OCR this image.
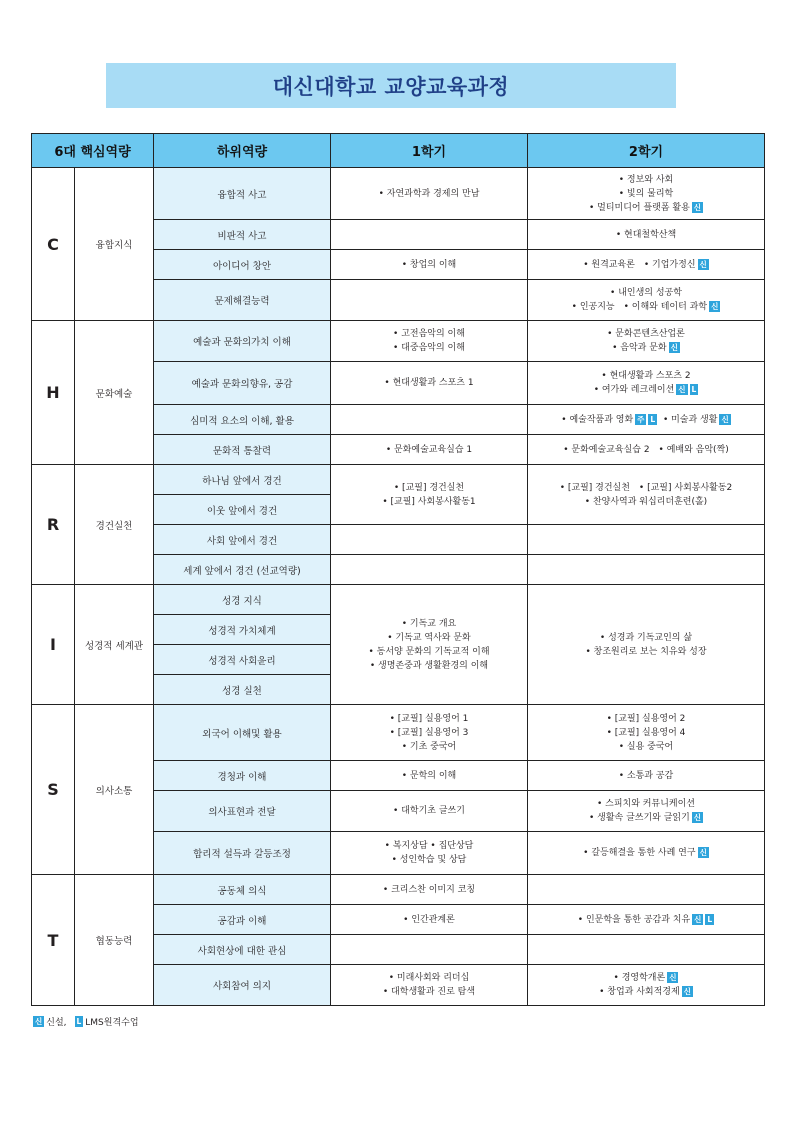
대신대학교 교양교육과정
6대 핵심역량		하위역량	1학기	2학기
C	융합지식	융합적 사고	• 자연과학과 경제의 만남	• 정보와 사회
• 빛의 물리학
• 멀티미디어 플랫폼 활용 신

		비판적 사고		• 현대철학산책

		아이디어 창안	• 창업의 이해	• 원격교육론　• 기업가정신 신

		문제해결능력		• 내인생의 성공학
• 인공지능　• 이해와 테이터 과학 신

H	문화예술	예술과 문화의가치 이해	• 고전음악의 이해
• 대중음악의 이해	• 문화콘텐츠산업론
• 음악과 문화 신

		예술과 문화의향유, 공감	• 현대생활과 스포츠 1	• 현대생활과 스포츠 2
• 여가와 레크레이션 신 L

		심미적 요소의 이해, 활용		• 예술작품과 영화 주 L • 미술과 생활 신

		문화적 통찰력	• 문화예술교육실습 1	• 문화예술교육실습 2　• 예배와 음악(짝)

R	경건실천	하나님 앞에서 경건	• [교필] 경건실천
• [교필] 사회봉사활동1	• [교필] 경건실천　• [교필] 사회봉사활동2
• 찬양사역과 워십리더훈련(홀)

		이웃 앞에서 경건		
		사회 앞에서 경건		
		세계 앞에서 경건 (선교역량)		
I	성경적 세계관	성경 지식	• 기독교 개요
• 기독교 역사와 문화
• 동서양 문화의 기독교적 이해
• 생명존중과 생활환경의 이해	• 성경과 기독교인의 삶
• 창조원리로 보는 치유와 성장

		성경적 가치체계		
		성경적 사회윤리		
		성경 실천		
S	의사소통	외국어 이해및 활용	• [교필] 실용영어 1
• [교필] 실용영어 3
• 기초 중국어	• [교필] 실용영어 2
• [교필] 실용영어 4
• 실용 중국어

		경청과 이해	• 문학의 이해	• 소통과 공감

		의사표현과 전달	• 대학기초 글쓰기	• 스피치와 커뮤니케이션
• 생활속 글쓰기와 글읽기 신

		합리적 설득과 갈등조정	• 복지상담 • 집단상담
• 성인학습 및 상담	• 갈등해결을 통한 사례 연구 신

T	협동능력	공동체 의식	• 크리스찬 이미지 코칭	

		공감과 이해	• 인간관계론	• 인문학을 통한 공감과 치유 신 L

		사회현상에 대한 관심		
		사회참여 의지	• 미래사회와 리더십
• 대학생활과 진로 탐색	• 경영학개론 신
• 창업과 사회적경제 신
신 신설, L LMS원격수업
